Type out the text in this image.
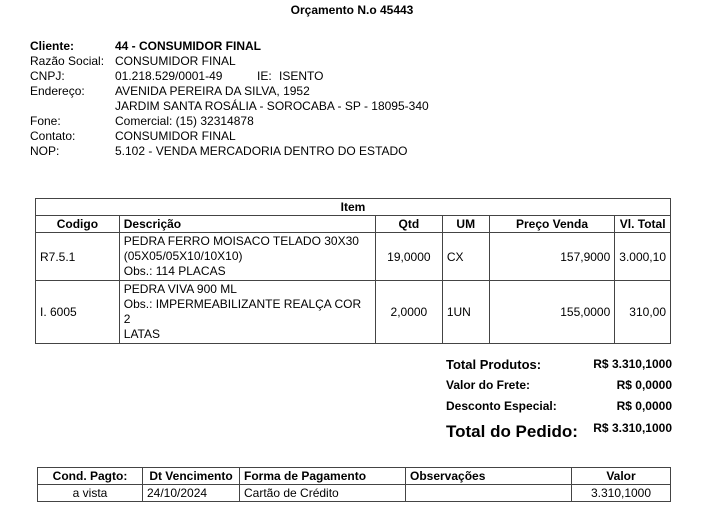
Orçamento N.o 45443
Cliente:	44 - CONSUMIDOR FINAL
Razão Social: CONSUMIDOR FINAL
CNPJ:	01.218.529/0001-49	IE: ISENTO
Endereço:	AVENIDA PEREIRA DA SILVA, 1952
JARDIM SANTA ROSÁLIA - SOROCABA - SP - 18095-340
Fone:	Comercial: (15) 32314878
Contato:	CONSUMIDOR FINAL
NOP:	5.102 - VENDA MERCADORIA DENTRO DO ESTADO
Item					
Codigo	Descrição	Qtd	UM	Preço Venda	Vl. Total
R7.5.1	PEDRA FERRO MOISACO TELADO 30X30
(05X05/05X10/10X10)
Obs.: 114 PLACAS	19,0000	CX	157,9000	3.000,10
I. 6005	PEDRA VIVA 900 ML
Obs.: IMPERMEABILIZANTE REALÇA COR 2
LATAS	2,0000	1UN	155,0000	310,00
Total Produtos:	R$ 3.310,1000
Valor do Frete:	R$ 0,0000
Desconto Especial:	R$ 0,0000
Total do Pedido: R$ 3.310,1000
Cond. Pagto:	Dt Vencimento	Forma de Pagamento	Observações	Valor
a vista	24/10/2024	Cartão de Crédito		3.310,1000
